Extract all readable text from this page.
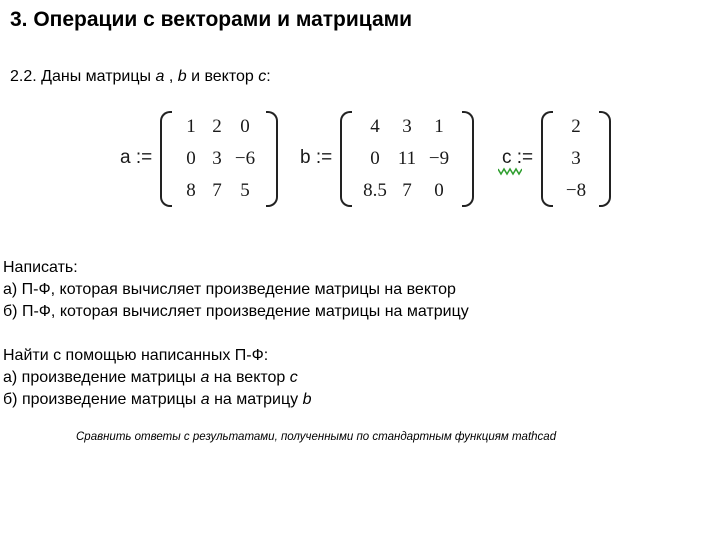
3. Операции с векторами и матрицами
2.2. Даны матрицы a , b и вектор c:
a :=
1 2 0
0 3 −6
8 7 5
b :=
4	3	1
0 11 −9
8.5 7	0
c :=
2
3
−8
Написать:
а) П-Ф, которая вычисляет произведение матрицы на вектор
б) П-Ф, которая вычисляет произведение матрицы на матрицу
Найти с помощью написанных П-Ф:
а) произведение матрицы a на вектор c
б) произведение матрицы a на матрицу b
Сравнить ответы с результатами, полученными по стандартным функциям mathcad
